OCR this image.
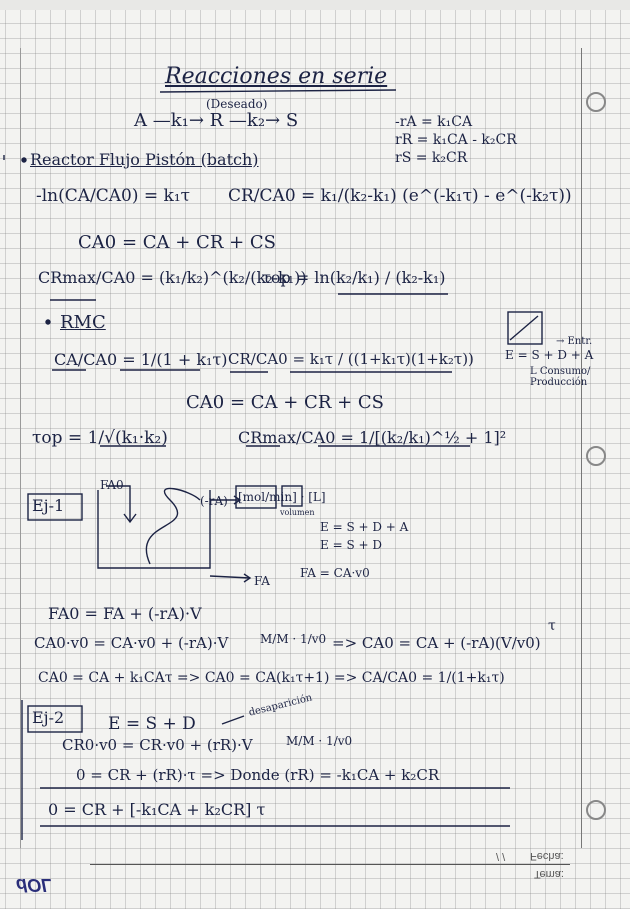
Reacciones en serie
A —k₁→ R —k₂→ S
(Deseado)
-rA = k₁CA
rR = k₁CA - k₂CR
rS = k₂CR
Reactor Flujo Pistón (batch)
-ln(CA/CA0) = k₁τ CR/CA0 = k₁/(k₂-k₁) (e^(-k₁τ) - e^(-k₂τ))
CA0 = CA + CR + CS
CRmax/CA0 = (k₁/k₂)^(k₂/(k₂-k₁))
τop = ln(k₂/k₁) / (k₂-k₁)
RMC
CA/CA0 = 1/(1 + k₁τ) CR/CA0 = k₁τ / ((1+k₁τ)(1+k₂τ))
CA0 = CA + CR + CS
τop = 1/√(k₁·k₂)	CRmax/CA0 = 1/[(k₂/k₁)^½ + 1]²
E = S + D + A
→ Entr.
L Consumo/ Producción
Ej-1
FA0
(-rA) [mol/min] · [L]
volumen
FA
E = S + D + A
E = S + D
FA = CA·v0
FA0 = FA + (-rA)·V
CA0·v0 = CA·v0 + (-rA)·V	M/M · 1/v0 => CA0 = CA + (-rA)(V/v0)
τ
CA0 = CA + k₁CAτ => CA0 = CA(k₁τ+1) => CA/CA0 = 1/(1+k₁τ)
Ej-2	E = S + D
desaparición
CR0·v0 = CR·v0 + (rR)·V	M/M · 1/v0
0 = CR + (rR)·τ => Donde (rR) = -k₁CA + k₂CR
0 = CR + [-k₁CA + k₂CR] τ
Fecha:
/ /
Tema:
dOL
